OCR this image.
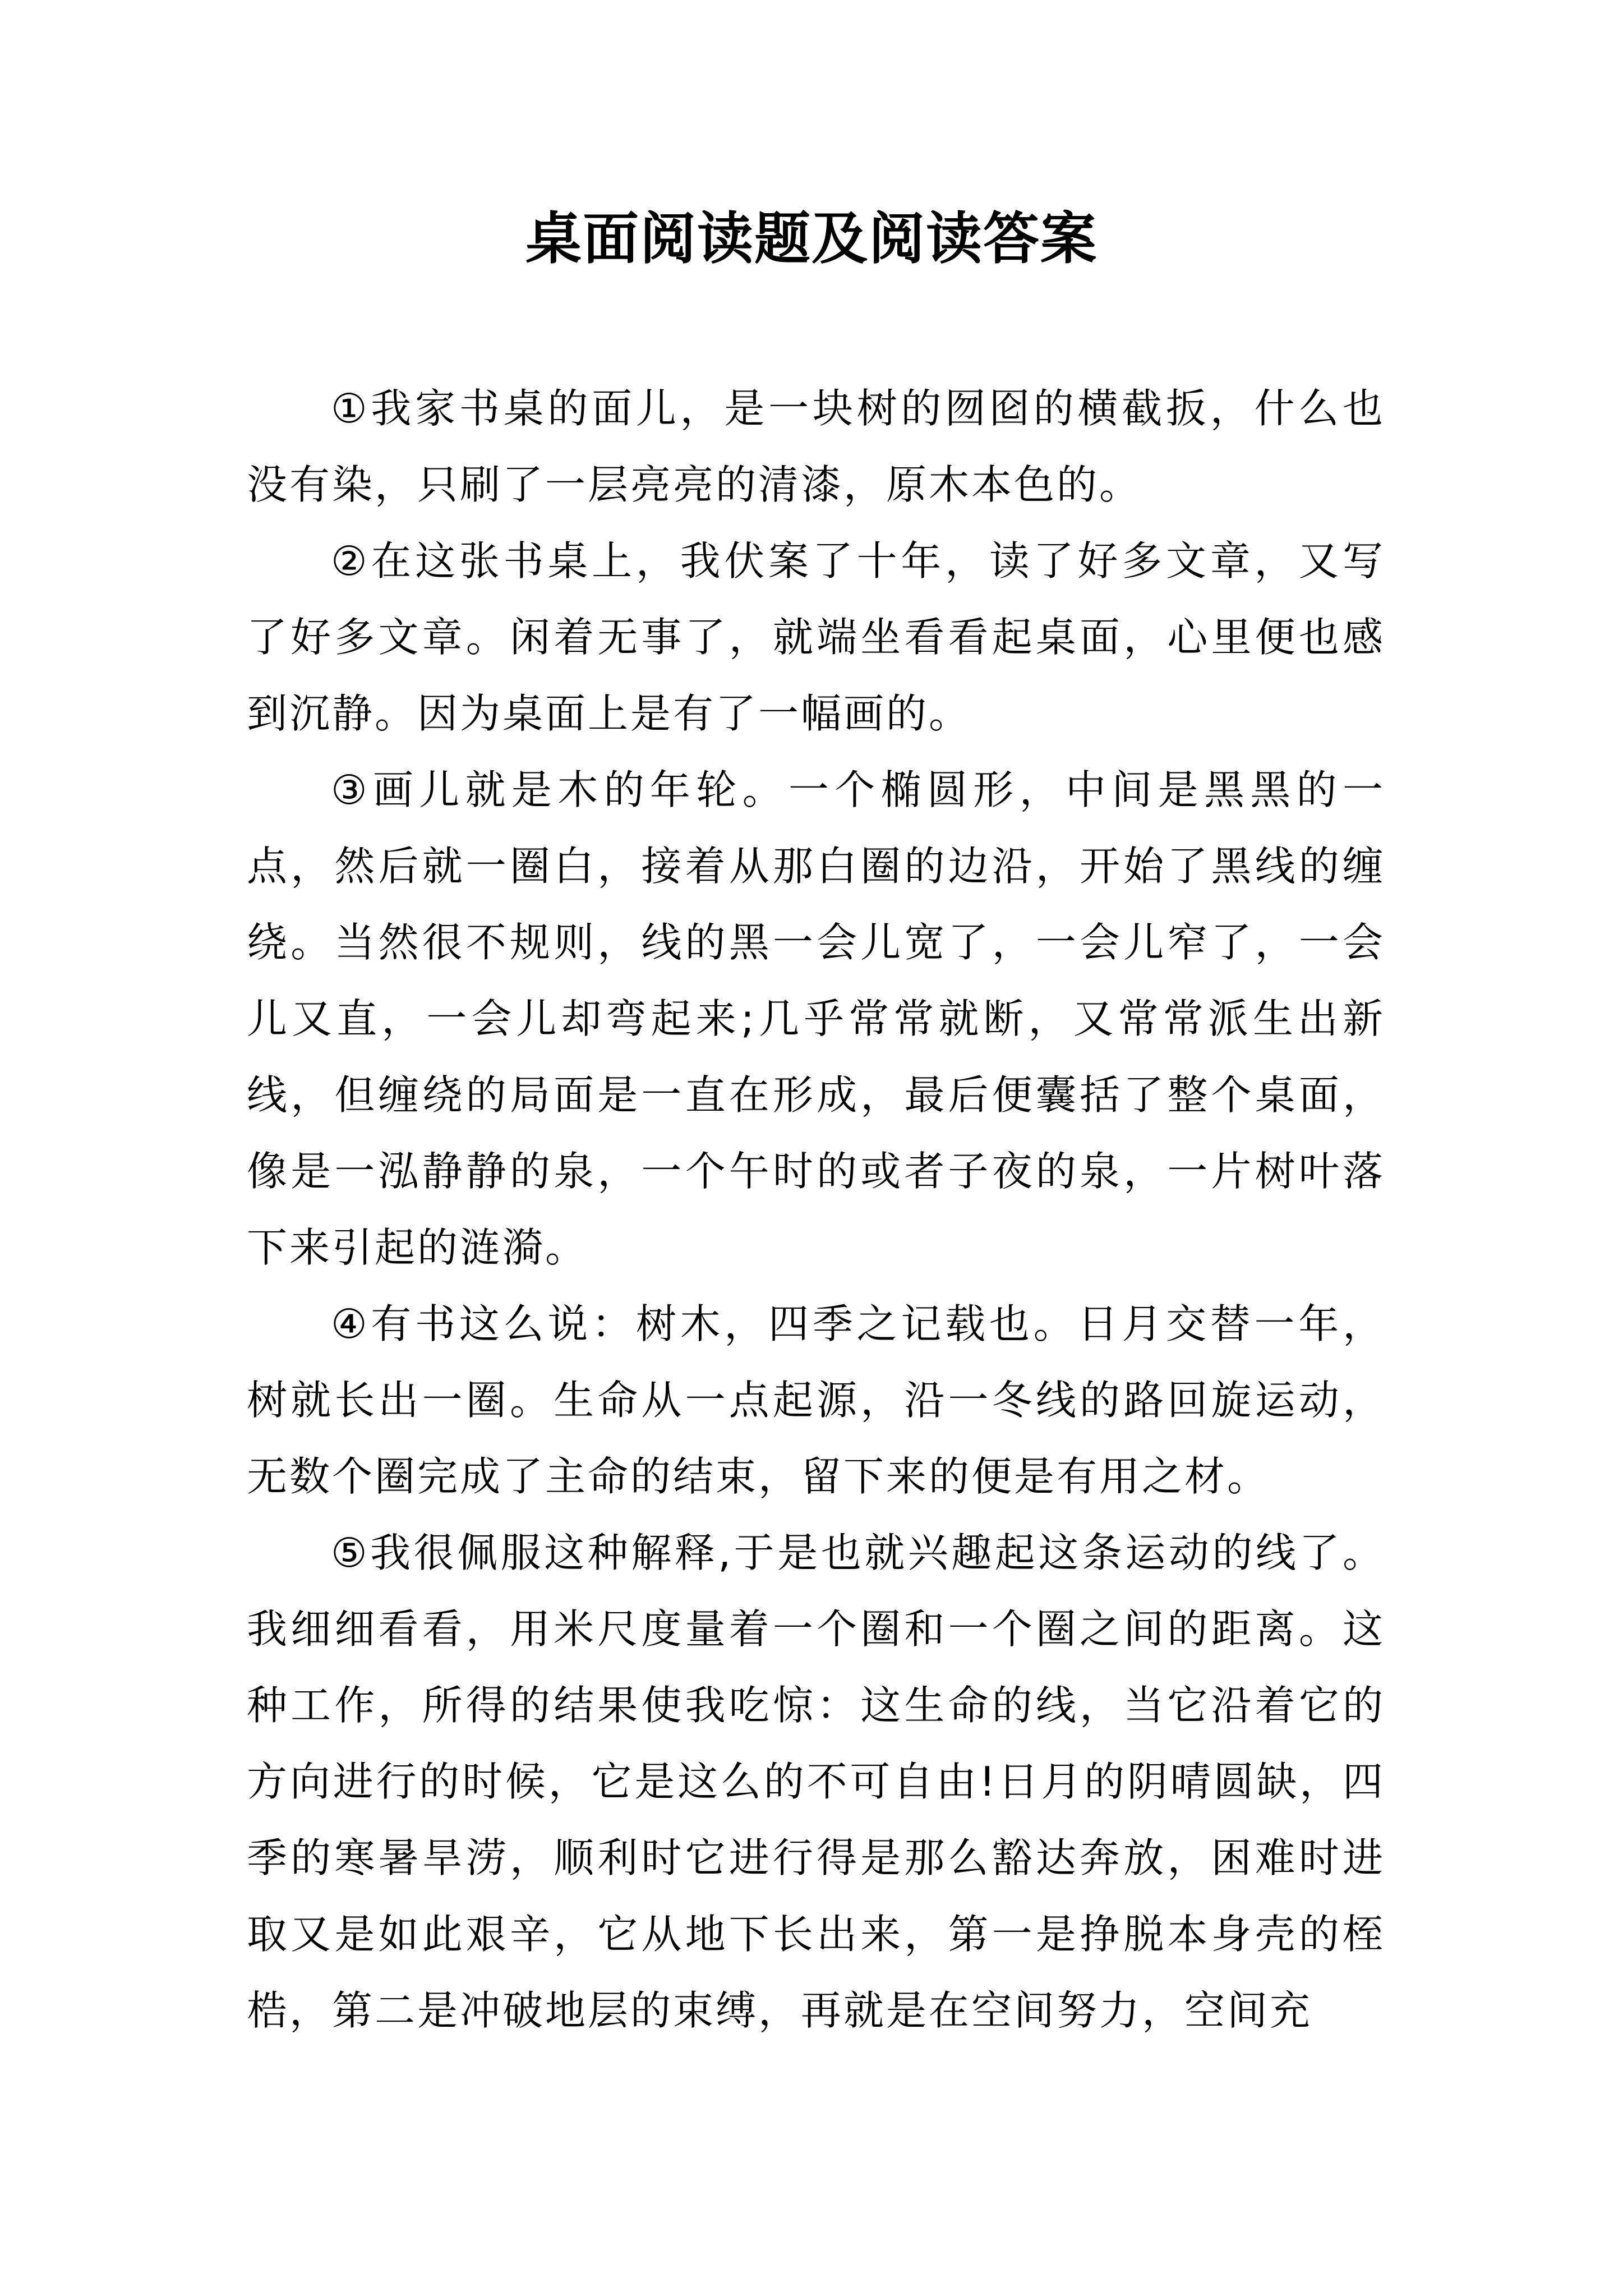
桌面阅读题及阅读答案

①我家书桌的面儿，是一块树的囫囵的横截扳，什么也没有染，只刷了一层亮亮的清漆，原木本色的。

②在这张书桌上，我伏案了十年，读了好多文章，又写了好多文章。闲着无事了，就端坐看看起桌面，心里便也感到沉静。因为桌面上是有了一幅画的。

③画儿就是木的年轮。一个椭圆形，中间是黑黑的一点，然后就一圈白，接着从那白圈的边沿，开始了黑线的缠绕。当然很不规则，线的黑一会儿宽了，一会儿窄了，一会儿又直，一会儿却弯起来;几乎常常就断，又常常派生出新线，但缠绕的局面是一直在形成，最后便囊括了整个桌面，像是一泓静静的泉，一个午时的或者子夜的泉，一片树叶落下来引起的涟漪。

④有书这么说：树木，四季之记载也。日月交替一年，树就长出一圈。生命从一点起源，沿一冬线的路回旋运动，无数个圈完成了主命的结束，留下来的便是有用之材。

⑤我很佩服这种解释,于是也就兴趣起这条运动的线了。我细细看看，用米尺度量着一个圈和一个圈之间的距离。这种工作，所得的结果使我吃惊：这生命的线，当它沿着它的方向进行的时候，它是这么的不可自由!日月的阴晴圆缺，四季的寒暑旱涝，顺利时它进行得是那么豁达奔放，困难时进取又是如此艰辛，它从地下长出来，第一是挣脱本身壳的桎梏，第二是冲破地层的束缚，再就是在空间努力，空间充
